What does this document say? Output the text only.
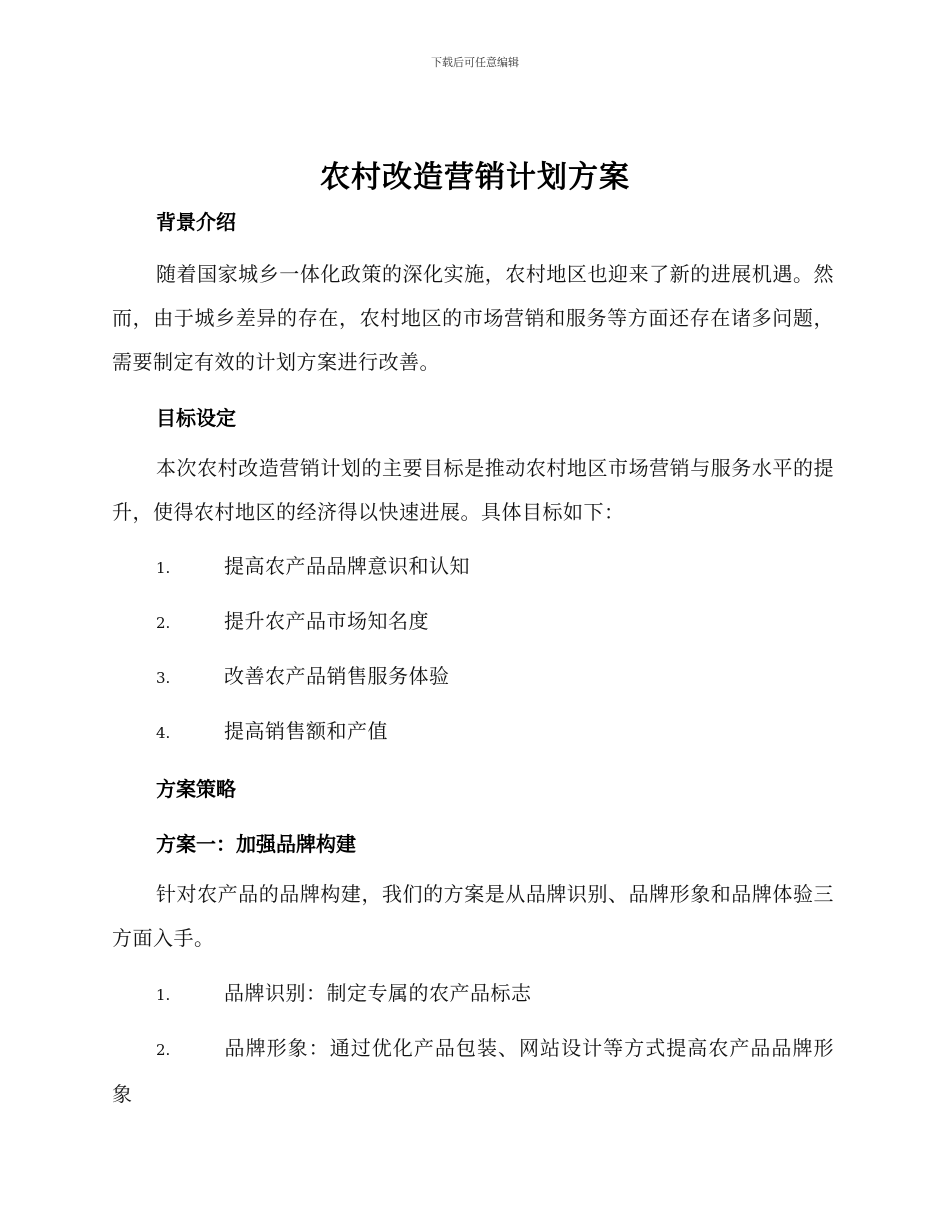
下载后可任意编辑
农村改造营销计划方案
背景介绍
随着国家城乡一体化政策的深化实施，农村地区也迎来了新的进展机遇。然而，由于城乡差异的存在，农村地区的市场营销和服务等方面还存在诸多问题，需要制定有效的计划方案进行改善。
目标设定
本次农村改造营销计划的主要目标是推动农村地区市场营销与服务水平的提升，使得农村地区的经济得以快速进展。具体目标如下：
1.	提高农产品品牌意识和认知
2.	提升农产品市场知名度
3.	改善农产品销售服务体验
4.	提高销售额和产值
方案策略
方案一：加强品牌构建
针对农产品的品牌构建，我们的方案是从品牌识别、品牌形象和品牌体验三方面入手。
1.	品牌识别：制定专属的农产品标志
2.	品牌形象：通过优化产品包装、网站设计等方式提高农产品品牌形象
